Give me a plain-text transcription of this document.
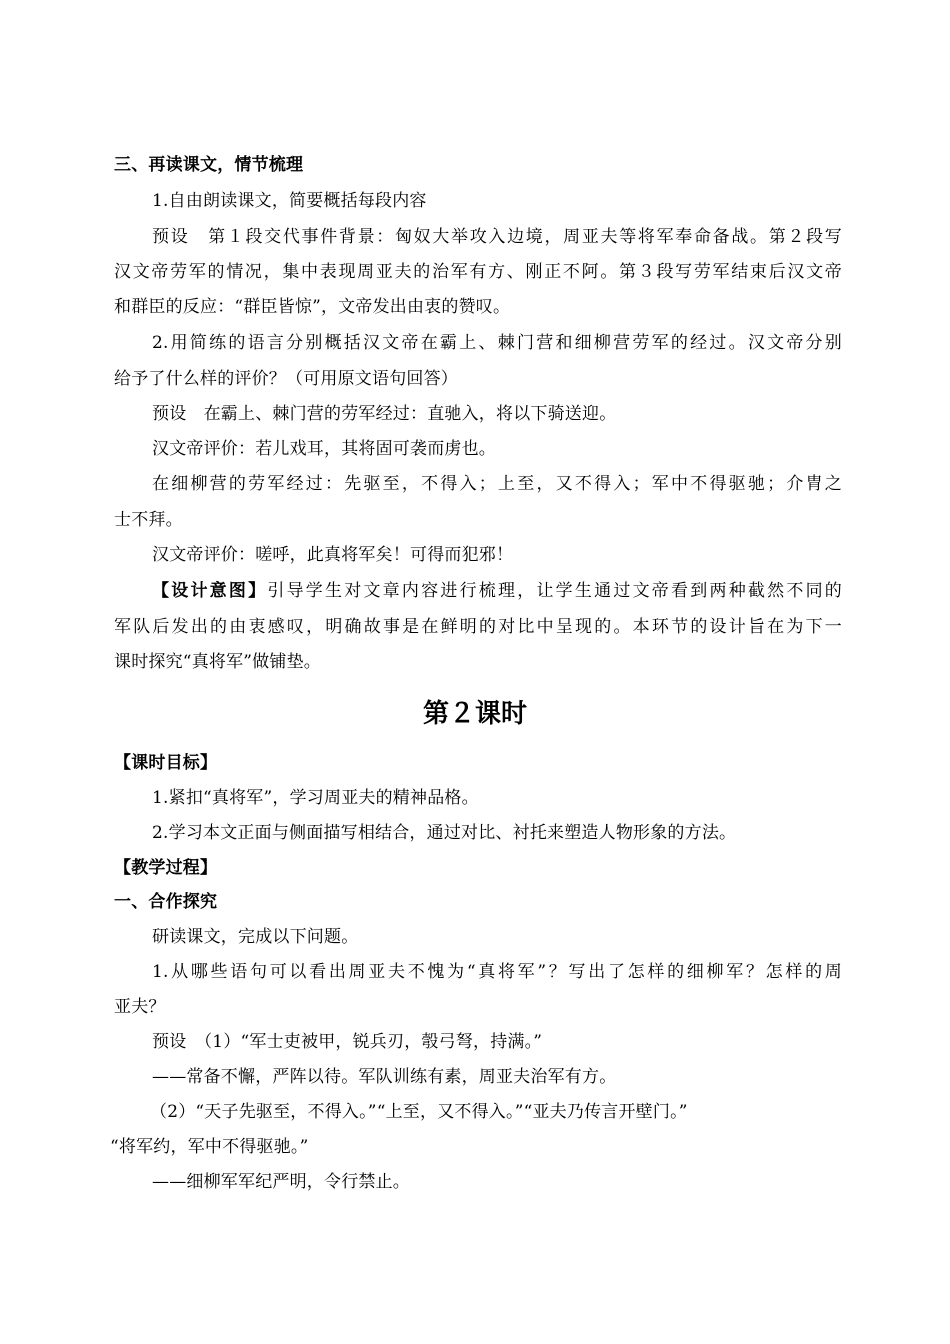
三、再读课文，情节梳理
1.自由朗读课文，简要概括每段内容
预设　第１段交代事件背景：匈奴大举攻入边境，周亚夫等将军奉命备战。第２段写
汉文帝劳军的情况，集中表现周亚夫的治军有方、刚正不阿。第３段写劳军结束后汉文帝
和群臣的反应：“群臣皆惊”，文帝发出由衷的赞叹。
2.用简练的语言分别概括汉文帝在霸上、棘门营和细柳营劳军的经过。汉文帝分别
给予了什么样的评价？（可用原文语句回答）
预设　在霸上、棘门营的劳军经过：直驰入，将以下骑送迎。
汉文帝评价：若儿戏耳，其将固可袭而虏也。
在细柳营的劳军经过：先驱至，不得入；上至，又不得入；军中不得驱驰；介胄之
士不拜。
汉文帝评价：嗟呼，此真将军矣！可得而犯邪！
【设计意图】引导学生对文章内容进行梳理，让学生通过文帝看到两种截然不同的
军队后发出的由衷感叹，明确故事是在鲜明的对比中呈现的。本环节的设计旨在为下一
课时探究“真将军”做铺垫。
第２课时
【课时目标】
1.紧扣“真将军”，学习周亚夫的精神品格。
2.学习本文正面与侧面描写相结合，通过对比、衬托来塑造人物形象的方法。
【教学过程】
一、合作探究
研读课文，完成以下问题。
1.从哪些语句可以看出周亚夫不愧为“真将军”？写出了怎样的细柳军？怎样的周
亚夫？
预设　（1）“军士吏被甲，锐兵刃，彀弓弩，持满。”
——常备不懈，严阵以待。军队训练有素，周亚夫治军有方。
（2）“天子先驱至，不得入。”“上至，又不得入。”“亚夫乃传言开壁门。”
“将军约，军中不得驱驰。”
——细柳军军纪严明，令行禁止。
